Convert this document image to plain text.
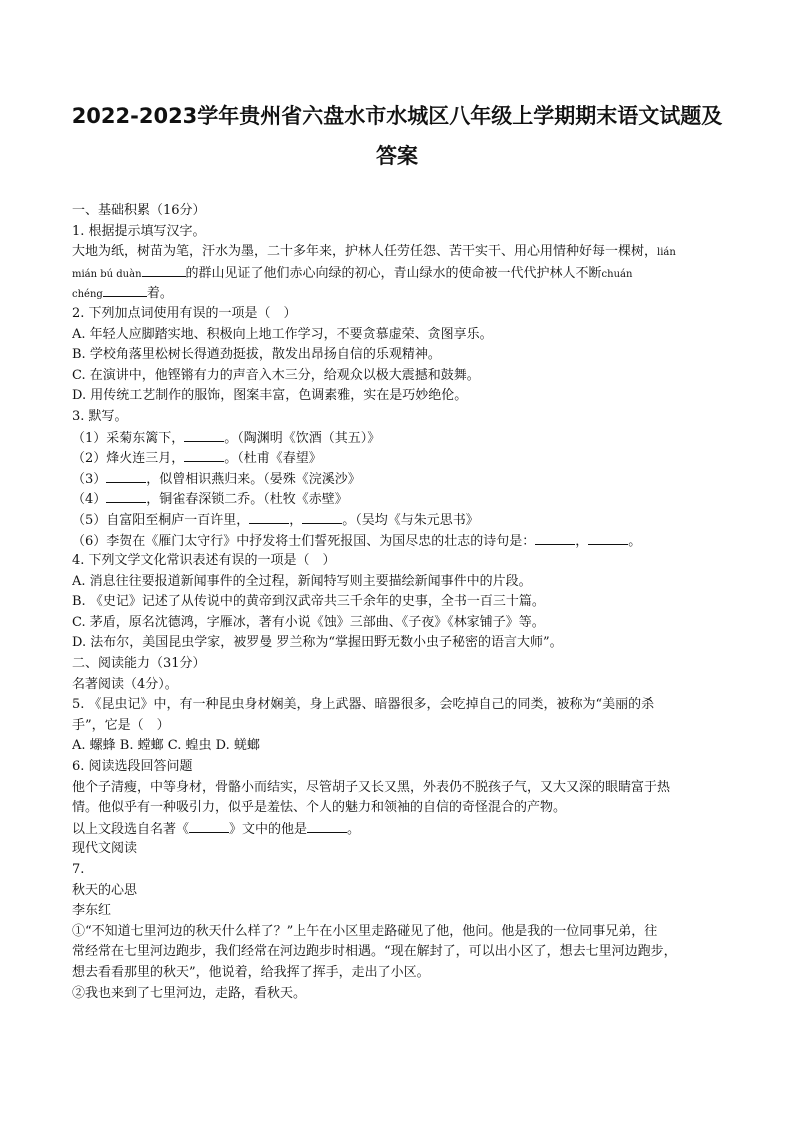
2022-2023学年贵州省六盘水市水城区八年级上学期期末语文试题及
答案
一、基础积累（16分）
1. 根据提示填写汉字。
大地为纸，树苗为笔，汗水为墨，二十多年来，护林人任劳任怨、苦干实干、用心用情种好每一棵树，lián
mián bú duàn	的群山见证了他们赤心向绿的初心，青山绿水的使命被一代代护林人不断chuán
chéng	着。
2. 下列加点词使用有误的一项是（　）
A. 年轻人应脚踏实地、积极向上地工作学习，不要贪慕虚荣、贪图享乐。
B. 学校角落里松树长得遒劲挺拔，散发出昂扬自信的乐观精神。
C. 在演讲中，他铿锵有力的声音入木三分，给观众以极大震撼和鼓舞。
D. 用传统工艺制作的服饰，图案丰富，色调素雅，实在是巧妙绝伦。
3. 默写。
（1）采菊东篱下，	。（陶渊明《饮酒（其五）》
（2）烽火连三月，	。（杜甫《春望》
（3）	，似曾相识燕归来。（晏殊《浣溪沙》
（4）	，铜雀春深锁二乔。（杜牧《赤壁》
（5）自富阳至桐庐一百许里，	，	。（吴均《与朱元思书》
（6）李贺在《雁门太守行》中抒发将士们誓死报国、为国尽忠的壮志的诗句是：	，	。
4. 下列文学文化常识表述有误的一项是（　）
A. 消息往往要报道新闻事件的全过程，新闻特写则主要描绘新闻事件中的片段。
B. 《史记》记述了从传说中的黄帝到汉武帝共三千余年的史事，全书一百三十篇。
C. 茅盾，原名沈德鸿，字雁冰，著有小说《蚀》三部曲、《子夜》《林家铺子》等。
D. 法布尔，美国昆虫学家，被罗曼 罗兰称为“掌握田野无数小虫子秘密的语言大师”。
二、阅读能力（31分）
名著阅读（4分）。
5. 《昆虫记》中，有一种昆虫身材娴美，身上武器、暗器很多，会吃掉自己的同类，被称为“美丽的杀
手”，它是（　）
A. 螺蜂 B. 螳螂 C. 蝗虫 D. 蜣螂
6. 阅读选段回答问题
他个子清瘦，中等身材，骨骼小而结实，尽管胡子又长又黑，外表仍不脱孩子气，又大又深的眼睛富于热
情。他似乎有一种吸引力，似乎是羞怯、个人的魅力和领袖的自信的奇怪混合的产物。
以上文段选自名著《	》文中的他是	。
现代文阅读
7.
秋天的心思
李东红
①“不知道七里河边的秋天什么样了？”上午在小区里走路碰见了他，他问。他是我的一位同事兄弟，往
常经常在七里河边跑步，我们经常在河边跑步时相遇。“现在解封了，可以出小区了，想去七里河边跑步，
想去看看那里的秋天”，他说着，给我挥了挥手，走出了小区。
②我也来到了七里河边，走路，看秋天。
